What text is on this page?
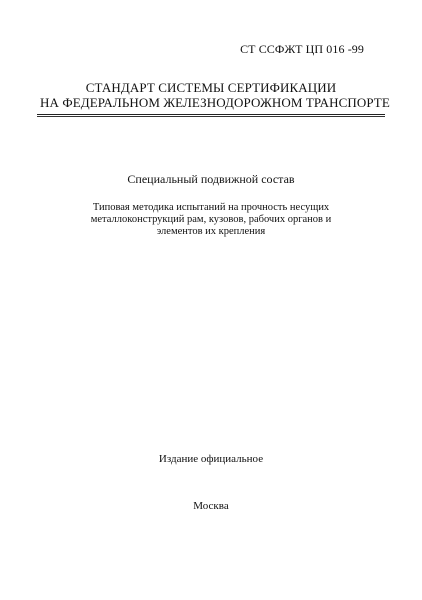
СТ ССФЖТ ЦП 016 -99
СТАНДАРТ СИСТЕМЫ СЕРТИФИКАЦИИ
НА ФЕДЕРАЛЬНОМ ЖЕЛЕЗНОДОРОЖНОМ ТРАНСПОРТЕ
Специальный подвижной состав
Типовая методика испытаний на прочность несущих
металлоконструкций рам, кузовов, рабочих органов и
элементов их крепления
Издание официальное
Москва
